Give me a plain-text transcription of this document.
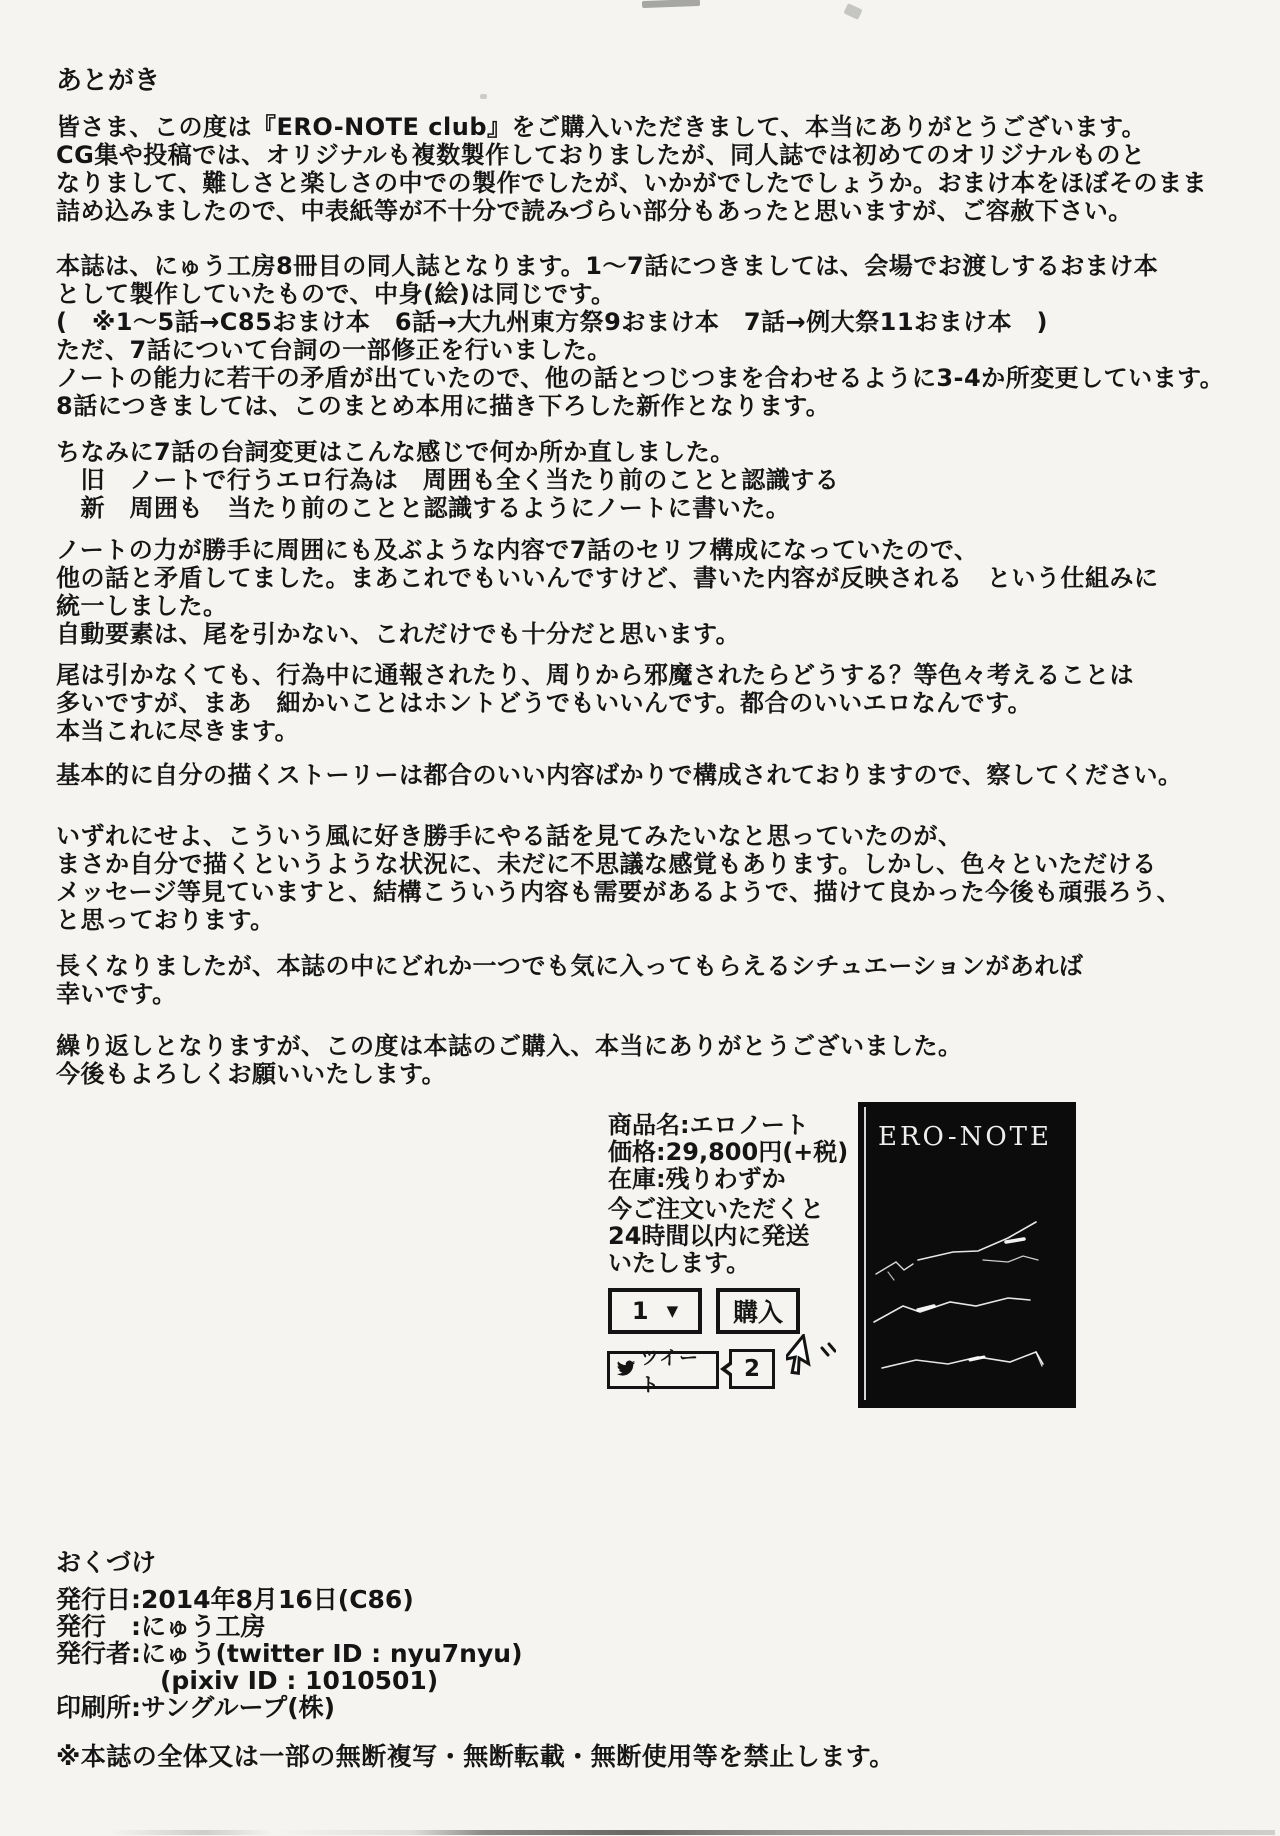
あとがき
皆さま、この度は『ERO-NOTE club』をご購入いただきまして、本当にありがとうございます。
CG集や投稿では、オリジナルも複数製作しておりましたが、同人誌では初めてのオリジナルものと
なりまして、難しさと楽しさの中での製作でしたが、いかがでしたでしょうか。おまけ本をほぼそのまま
詰め込みましたので、中表紙等が不十分で読みづらい部分もあったと思いますが、ご容赦下さい。
本誌は、にゅう工房8冊目の同人誌となります。1〜7話につきましては、会場でお渡しするおまけ本
として製作していたもので、中身(絵)は同じです。
(　※1〜5話→C85おまけ本　6話→大九州東方祭9おまけ本　7話→例大祭11おまけ本　)
ただ、7話について台詞の一部修正を行いました。
ノートの能力に若干の矛盾が出ていたので、他の話とつじつまを合わせるように3-4か所変更しています。
8話につきましては、このまとめ本用に描き下ろした新作となります。
ちなみに7話の台詞変更はこんな感じで何か所か直しました。
　旧　ノートで行うエロ行為は　周囲も全く当たり前のことと認識する
　新　周囲も　当たり前のことと認識するようにノートに書いた。
ノートの力が勝手に周囲にも及ぶような内容で7話のセリフ構成になっていたので、
他の話と矛盾してました。まあこれでもいいんですけど、書いた内容が反映される　という仕組みに
統一しました。
自動要素は、尾を引かない、これだけでも十分だと思います。
尾は引かなくても、行為中に通報されたり、周りから邪魔されたらどうする？等色々考えることは
多いですが、まあ　細かいことはホントどうでもいいんです。都合のいいエロなんです。
本当これに尽きます。
基本的に自分の描くストーリーは都合のいい内容ばかりで構成されておりますので、察してください。
いずれにせよ、こういう風に好き勝手にやる話を見てみたいなと思っていたのが、
まさか自分で描くというような状況に、未だに不思議な感覚もあります。しかし、色々といただける
メッセージ等見ていますと、結構こういう内容も需要があるようで、描けて良かった今後も頑張ろう、
と思っております。
長くなりましたが、本誌の中にどれか一つでも気に入ってもらえるシチュエーションがあれば
幸いです。
繰り返しとなりますが、この度は本誌のご購入、本当にありがとうございました。
今後もよろしくお願いいたします。
商品名:エロノート
価格:29,800円(+税)
在庫:残りわずか
今ご注文いただくと
24時間以内に発送
いたします。
1 ▼ 購入
ツイート
2
ERO-NOTE
おくづけ
発行日:2014年8月16日(C86)
発行　:にゅう工房
発行者:にゅう(twitter ID : nyu7nyu)
(pixiv ID : 1010501)
印刷所:サングループ(株)
※本誌の全体又は一部の無断複写・無断転載・無断使用等を禁止します。
